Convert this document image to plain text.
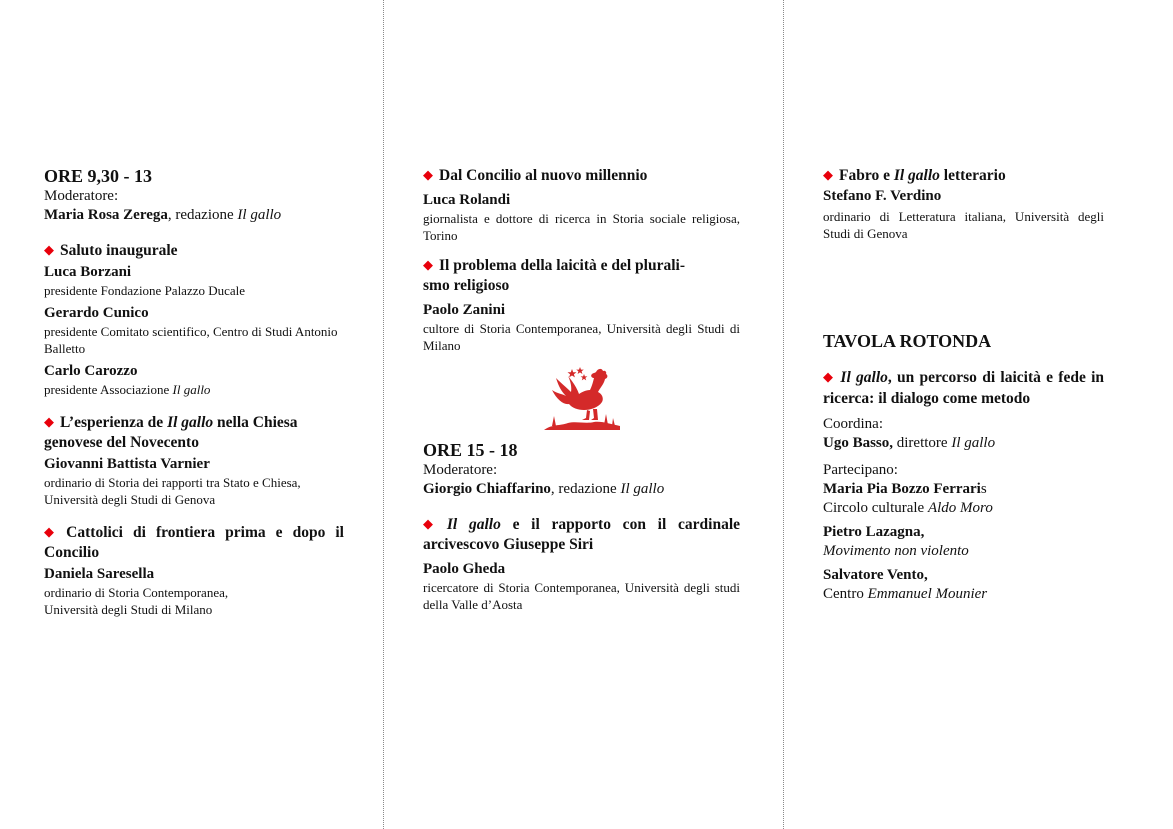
ORE 9,30 - 13
Moderatore:
Maria Rosa Zerega, redazione Il gallo
◆ Saluto inaugurale
Luca Borzani
presidente Fondazione Palazzo Ducale
Gerardo Cunico
presidente Comitato scientifico, Centro di Studi Antonio Balletto
Carlo Carozzo
presidente Associazione Il gallo
◆ L’esperienza de Il gallo nella Chiesa genovese del Novecento
Giovanni Battista Varnier
ordinario di Storia dei rapporti tra Stato e Chiesa, Università degli Studi di Genova
◆ Cattolici di frontiera prima e dopo il Concilio
Daniela Saresella
ordinario di Storia Contemporanea,
Università degli Studi di Milano
◆ Dal Concilio al nuovo millennio
Luca Rolandi
giornalista e dottore di ricerca in Storia sociale religiosa, Torino
◆ Il problema della laicità e del plurali-
smo religioso
Paolo Zanini
cultore di Storia Contemporanea, Università degli Studi di Milano
ORE 15 - 18
Moderatore:
Giorgio Chiaffarino, redazione Il gallo
◆ Il gallo e il rapporto con il cardinale arcivescovo Giuseppe Siri
Paolo Gheda
ricercatore di Storia Contemporanea, Università degli studi della Valle d’Aosta
◆ Fabro e Il gallo letterario
Stefano F. Verdino
ordinario di Letteratura italiana, Università degli Studi di Genova
TAVOLA ROTONDA
◆ Il gallo, un percorso di laicità e fede in ricerca: il dialogo come metodo
Coordina:
Ugo Basso, direttore Il gallo
Partecipano:
Maria Pia Bozzo Ferraris
Circolo culturale Aldo Moro
Pietro Lazagna,
Movimento non violento
Salvatore Vento,
Centro Emmanuel Mounier
